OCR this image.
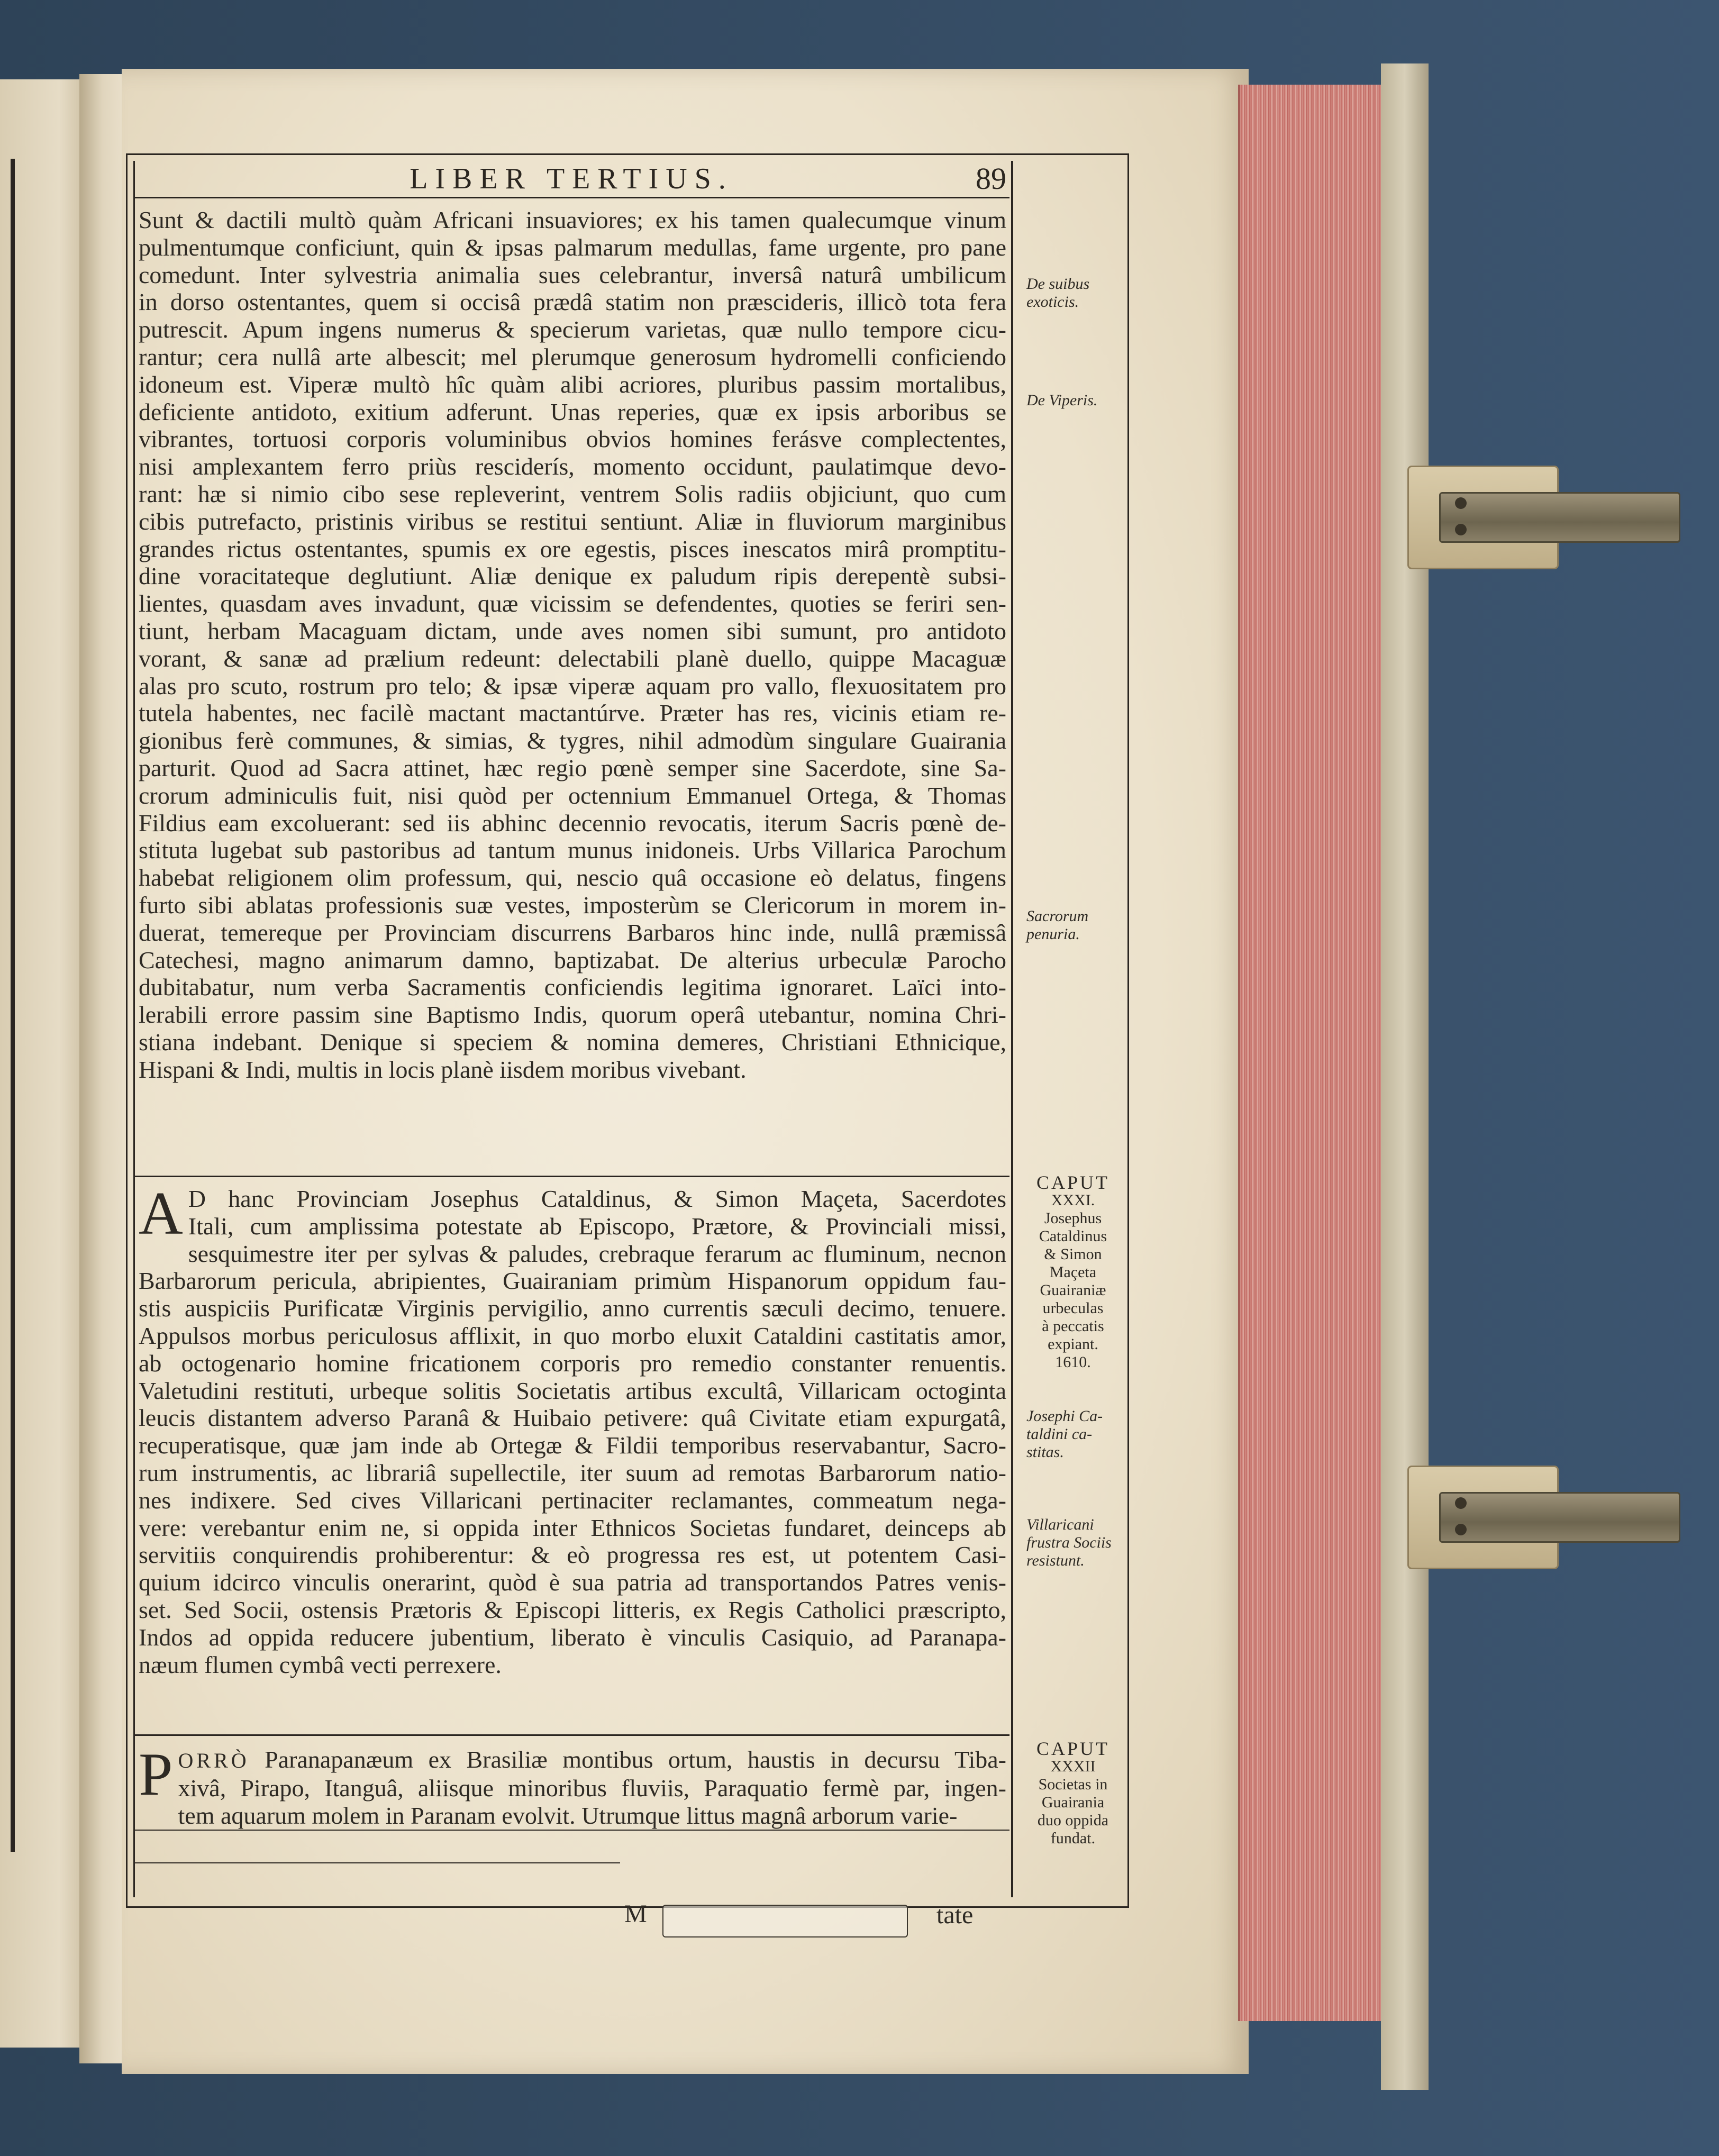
LIBER TERTIUS.	89
Sunt & dactili multò quàm Africani insuaviores; ex his tamen qualecumque vinum
pulmentumque conficiunt, quin & ipsas palmarum medullas, fame urgente, pro pane
comedunt. Inter sylvestria animalia sues celebrantur, inversâ naturâ umbilicum
in dorso ostentantes, quem si occisâ prædâ statim non præscideris, illicò tota fera
putrescit. Apum ingens numerus & specierum varietas, quæ nullo tempore cicu-
rantur; cera nullâ arte albescit; mel plerumque generosum hydromelli conficiendo
idoneum est. Viperæ multò hîc quàm alibi acriores, pluribus passim mortalibus,
deficiente antidoto, exitium adferunt. Unas reperies, quæ ex ipsis arboribus se
vibrantes, tortuosi corporis voluminibus obvios homines ferásve complectentes,
nisi amplexantem ferro priùs resciderís, momento occidunt, paulatimque devo-
rant: hæ si nimio cibo sese repleverint, ventrem Solis radiis objiciunt, quo cum
cibis putrefacto, pristinis viribus se restitui sentiunt. Aliæ in fluviorum marginibus
grandes rictus ostentantes, spumis ex ore egestis, pisces inescatos mirâ promptitu-
dine voracitateque deglutiunt. Aliæ denique ex paludum ripis derepentè subsi-
lientes, quasdam aves invadunt, quæ vicissim se defendentes, quoties se feriri sen-
tiunt, herbam Macaguam dictam, unde aves nomen sibi sumunt, pro antidoto
vorant, & sanæ ad prælium redeunt: delectabili planè duello, quippe Macaguæ
alas pro scuto, rostrum pro telo; & ipsæ viperæ aquam pro vallo, flexuositatem pro
tutela habentes, nec facilè mactant mactantúrve. Præter has res, vicinis etiam re-
gionibus ferè communes, & simias, & tygres, nihil admodùm singulare Guairania
parturit. Quod ad Sacra attinet, hæc regio pœnè semper sine Sacerdote, sine Sa-
crorum adminiculis fuit, nisi quòd per octennium Emmanuel Ortega, & Thomas
Fildius eam excoluerant: sed iis abhinc decennio revocatis, iterum Sacris pœnè de-
stituta lugebat sub pastoribus ad tantum munus inidoneis. Urbs Villarica Parochum
habebat religionem olim professum, qui, nescio quâ occasione eò delatus, fingens
furto sibi ablatas professionis suæ vestes, imposterùm se Clericorum in morem in-
duerat, temereque per Provinciam discurrens Barbaros hinc inde, nullâ præmissâ
Catechesi, magno animarum damno, baptizabat. De alterius urbeculæ Parocho
dubitabatur, num verba Sacramentis conficiendis legitima ignoraret. Laïci into-
lerabili errore passim sine Baptismo Indis, quorum operâ utebantur, nomina Chri-
stiana indebant. Denique si speciem & nomina demeres, Christiani Ethnicique,
Hispani & Indi, multis in locis planè iisdem moribus vivebant.
A D hanc Provinciam Josephus Cataldinus, & Simon Maçeta, Sacerdotes
Itali, cum amplissima potestate ab Episcopo, Prætore, & Provinciali missi,
sesquimestre iter per sylvas & paludes, crebraque ferarum ac fluminum, necnon
Barbarorum pericula, abripientes, Guairaniam primùm Hispanorum oppidum fau-
stis auspiciis Purificatæ Virginis pervigilio, anno currentis sæculi decimo, tenuere.
Appulsos morbus periculosus afflixit, in quo morbo eluxit Cataldini castitatis amor,
ab octogenario homine fricationem corporis pro remedio constanter renuentis.
Valetudini restituti, urbeque solitis Societatis artibus excultâ, Villaricam octoginta
leucis distantem adverso Paranâ & Huibaio petivere: quâ Civitate etiam expurgatâ,
recuperatisque, quæ jam inde ab Ortegæ & Fildii temporibus reservabantur, Sacro-
rum instrumentis, ac librariâ supellectile, iter suum ad remotas Barbarorum natio-
nes indixere. Sed cives Villaricani pertinaciter reclamantes, commeatum nega-
vere: verebantur enim ne, si oppida inter Ethnicos Societas fundaret, deinceps ab
servitiis conquirendis prohiberentur: & eò progressa res est, ut potentem Casi-
quium idcirco vinculis onerarint, quòd è sua patria ad transportandos Patres venis-
set. Sed Socii, ostensis Prætoris & Episcopi litteris, ex Regis Catholici præscripto,
Indos ad oppida reducere jubentium, liberato è vinculis Casiquio, ad Paranapa-
næum flumen cymbâ vecti perrexere.
P ORRÒ Paranapanæum ex Brasiliæ montibus ortum, haustis in decursu Tiba-
xivâ, Pirapo, Itanguâ, aliisque minoribus fluviis, Paraquatio fermè par, ingen-
tem aquarum molem in Paranam evolvit. Utrumque littus magnâ arborum varie-
M	tate
De suibus
exoticis.
De Viperis.
Sacrorum
penuria.
CAPUT
XXXI.
Josephus
Cataldinus
& Simon
Maçeta
Guairaniæ
urbeculas
à peccatis
expiant.
1610.
Josephi Ca-
taldini ca-
stitas.
Villaricani
frustra Sociis
resistunt.
CAPUT
XXXII
Societas in
Guairania
duo oppida
fundat.
